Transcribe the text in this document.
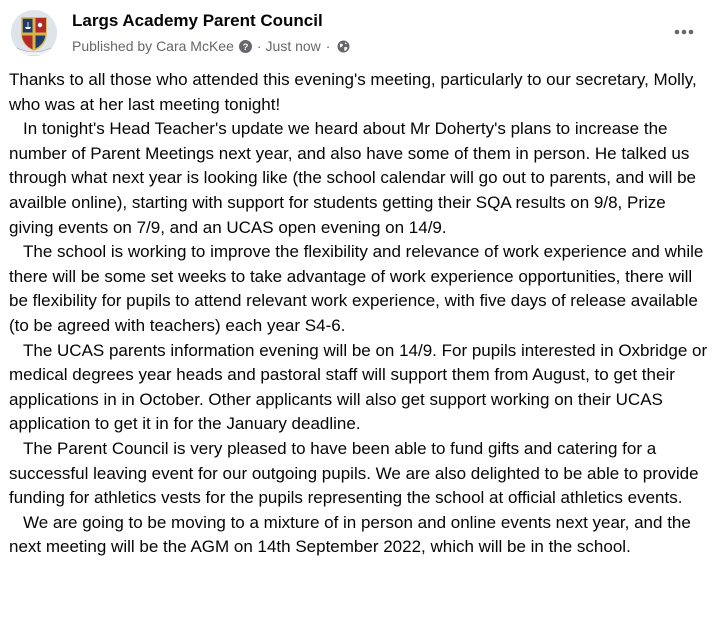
Largs Academy Parent Council
Published by
Cara McKee ? · Just now ·

Thanks to all those who attended this evening's meeting, particularly to our secretary, Molly, who was at her last meeting tonight!

In tonight's Head Teacher's update we heard about Mr Doherty's plans to increase the number of Parent Meetings next year, and also have some of them in person. He talked us through what next year is looking like (the school calendar will go out to parents, and will be availble online), starting with support for students getting their SQA results on 9/8, Prize giving events on 7/9, and an UCAS open evening on 14/9.

The school is working to improve the flexibility and relevance of work experience and while there will be some set weeks to take advantage of work experience opportunities, there will be flexibility for pupils to attend relevant work experience, with five days of release available (to be agreed with teachers) each year S4-6.

The UCAS parents information evening will be on 14/9. For pupils interested in Oxbridge or medical degrees year heads and pastoral staff will support them from August, to get their applications in in October. Other applicants will also get support working on their UCAS application to get it in for the January deadline.

The Parent Council is very pleased to have been able to fund gifts and catering for a successful leaving event for our outgoing pupils. We are also delighted to be able to provide funding for athletics vests for the pupils representing the school at official athletics events.

We are going to be moving to a mixture of in person and online events next year, and the next meeting will be the AGM on 14th September 2022, which will be in the school.
